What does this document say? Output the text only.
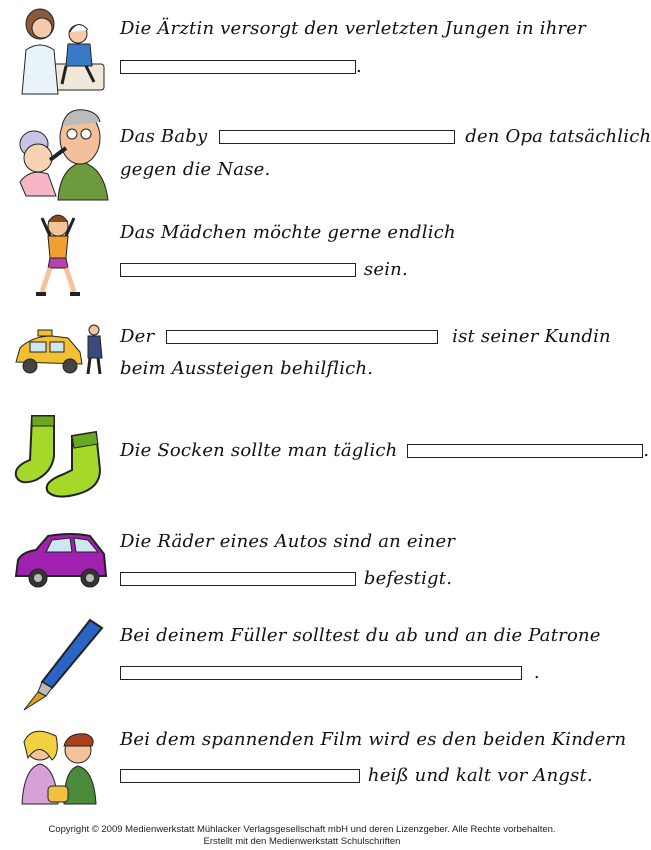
Die Ärztin versorgt den verletzten Jungen in ihrer
.
Das Baby	den Opa tatsächlich
gegen die Nase.
Das Mädchen möchte gerne endlich
sein.
Der	ist seiner Kundin
beim Aussteigen behilflich.
Die Socken sollte man täglich	.
Die Räder eines Autos sind an einer
befestigt.
Bei deinem Füller solltest du ab und an die Patrone
.
Bei dem spannenden Film wird es den beiden Kindern
heiß und kalt vor Angst.
Copyright © 2009 Medienwerkstatt Mühlacker Verlagsgesellschaft mbH und deren Lizenzgeber. Alle Rechte vorbehalten.
Erstellt mit den Medienwerkstatt Schulschriften
